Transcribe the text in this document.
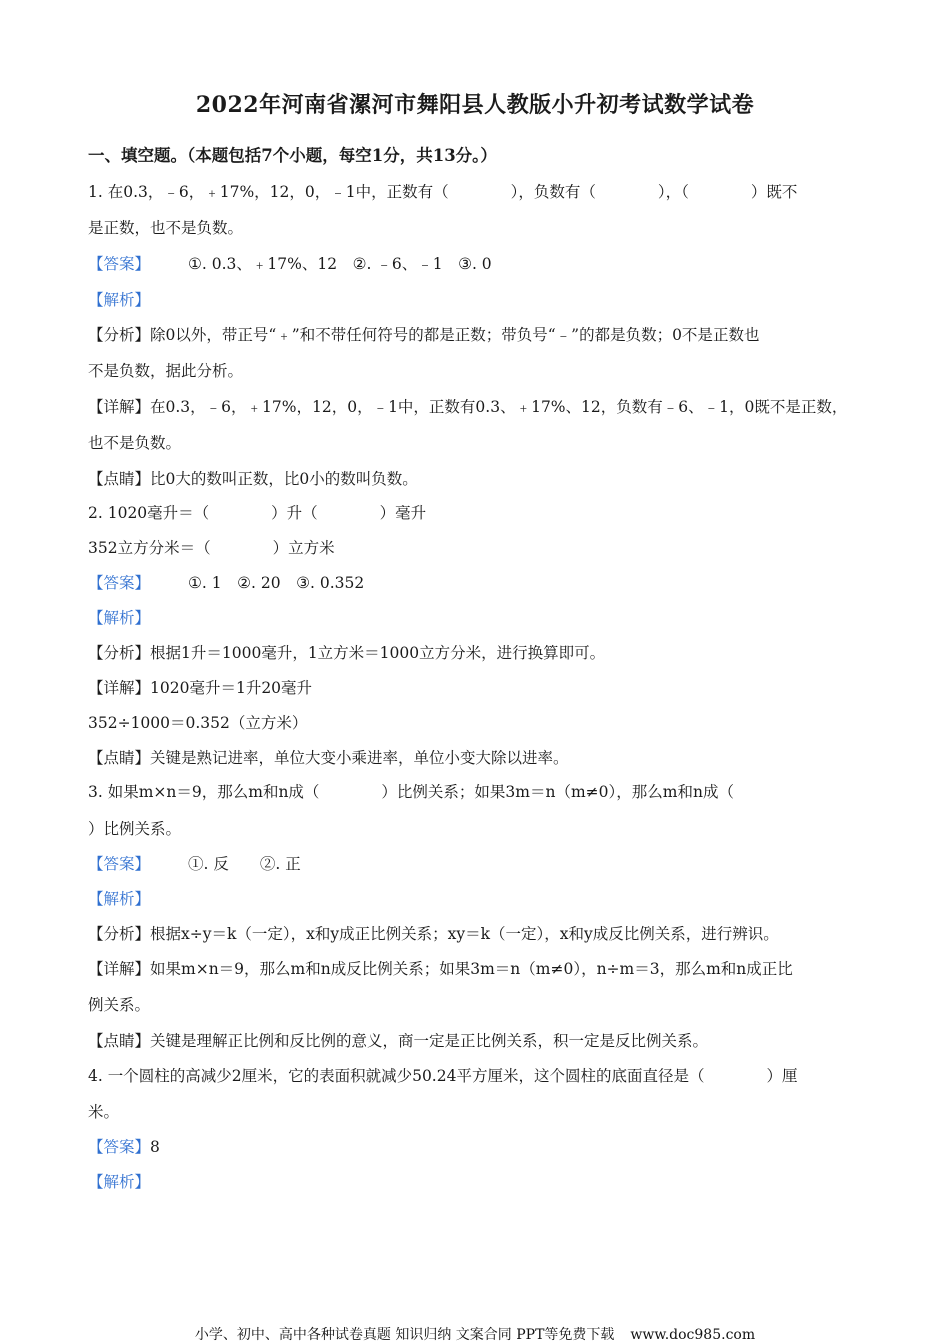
2022年河南省漯河市舞阳县人教版小升初考试数学试卷
一、填空题。（本题包括7个小题，每空1分，共13分。）
1. 在0.3，﹣6，﹢17%，12，0，﹣1中，正数有（　　　　），负数有（　　　　），（　　　　）既不
是正数，也不是负数。
【答案】 ①. 0.3、﹢17%、12　②. ﹣6、﹣1　③. 0
【解析】
【分析】除0以外，带正号“﹢”和不带任何符号的都是正数；带负号“﹣”的都是负数；0不是正数也
不是负数，据此分析。
【详解】在0.3，﹣6，﹢17%，12，0，﹣1中，正数有0.3、﹢17%、12，负数有﹣6、﹣1，0既不是正数，
也不是负数。
【点睛】比0大的数叫正数，比0小的数叫负数。
2. 1020毫升＝（　　　　）升（　　　　）毫升
352立方分米＝（　　　　）立方米
【答案】 ①. 1　②. 20　③. 0.352
【解析】
【分析】根据1升＝1000毫升，1立方米＝1000立方分米，进行换算即可。
【详解】1020毫升＝1升20毫升
352÷1000＝0.352（立方米）
【点睛】关键是熟记进率，单位大变小乘进率，单位小变大除以进率。
3. 如果m×n＝9，那么m和n成（　　　　）比例关系；如果3m＝n（m≠0），那么m和n成（
）比例关系。
【答案】 ①. 反　　②. 正
【解析】
【分析】根据x÷y＝k（一定），x和y成正比例关系；xy＝k（一定），x和y成反比例关系，进行辨识。
【详解】如果m×n＝9，那么m和n成反比例关系；如果3m＝n（m≠0），n÷m＝3，那么m和n成正比
例关系。
【点睛】关键是理解正比例和反比例的意义，商一定是正比例关系，积一定是反比例关系。
4. 一个圆柱的高减少2厘米，它的表面积就减少50.24平方厘米，这个圆柱的底面直径是（　　　　）厘
米。
【答案】8
【解析】
小学、初中、高中各种试卷真题 知识归纳 文案合同 PPT等免费下载 www.doc985.com
